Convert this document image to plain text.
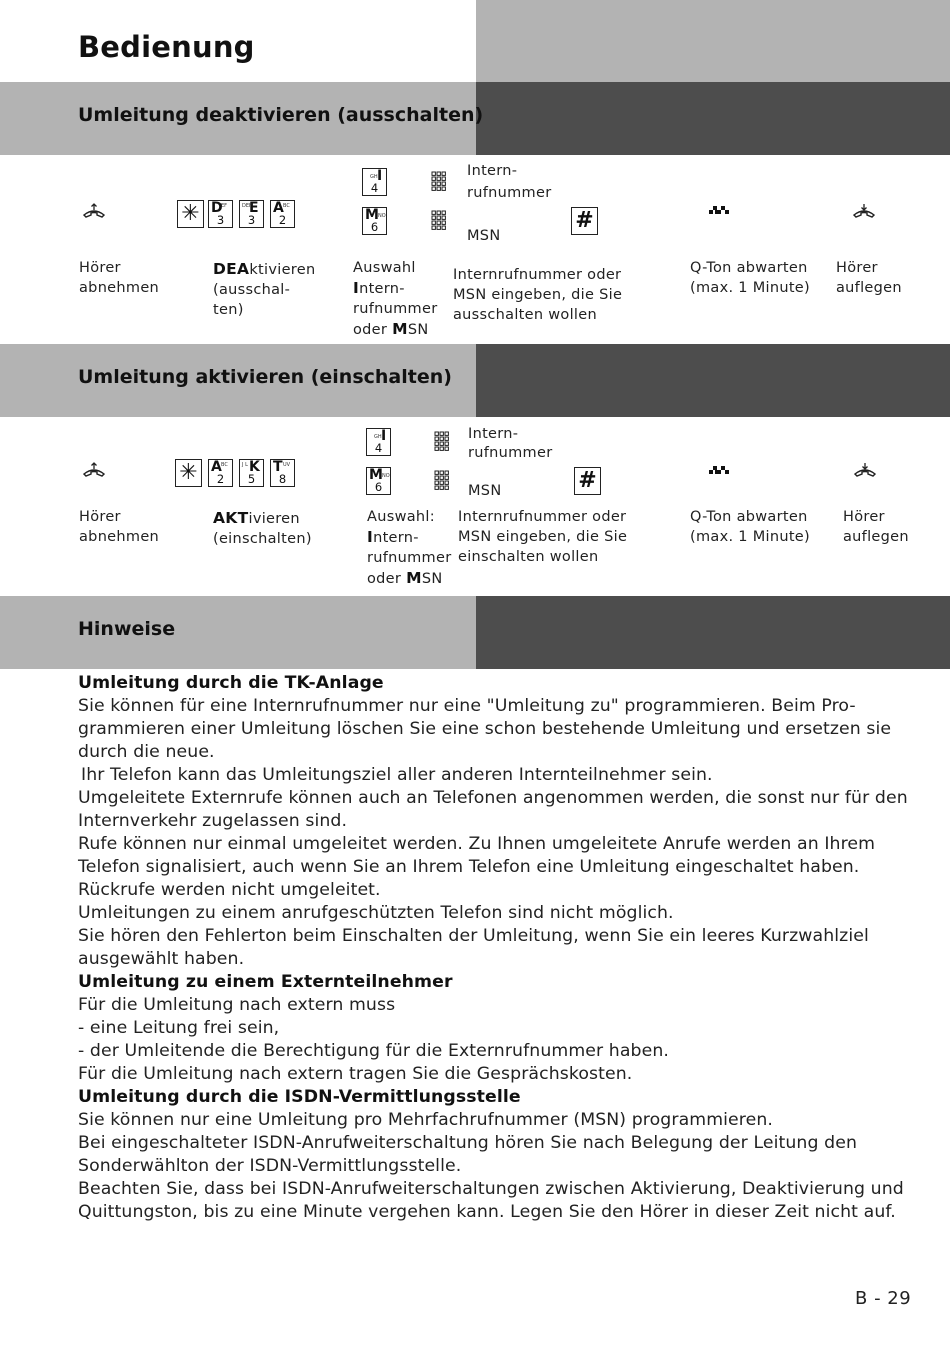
Bedienung
Umleitung deaktivieren (ausschalten)
✳ D
EF
3
E
DEF
3
A BC
2
I
GH
4
M NO
6
Intern-
rufnummer
MSN
#
Hörer
abnehmen
DEAktivieren
(ausschal-
ten)
Auswahl
Intern-
rufnummer
oder MSN
Internrufnummer oder
MSN eingeben, die Sie
ausschalten wollen
Q-Ton abwarten
(max. 1 Minute)
Hörer
auflegen
Umleitung aktivieren (einschalten)
✳ A BC
2
K
J L
5
T UV
8
I
GH
4
M NO
6
Intern-
rufnummer
MSN	#
Hörer
abnehmen
AKTivieren
(einschalten)
Auswahl:
Intern-
rufnummer
oder MSN
Internrufnummer oder
MSN eingeben, die Sie
einschalten wollen
Q-Ton abwarten
(max. 1 Minute)
Hörer
auflegen
Hinweise

Umleitung durch die TK-Anlage

Sie können für eine Internrufnummer nur eine "Umleitung zu" programmieren. Beim Pro-grammieren einer Umleitung löschen Sie eine schon bestehende Umleitung und ersetzen sie durch die neue.

Ihr Telefon kann das Umleitungsziel aller anderen Internteilnehmer sein.

Umgeleitete Externrufe können auch an Telefonen angenommen werden, die sonst nur für den Internverkehr zugelassen sind.

Rufe können nur einmal umgeleitet werden. Zu Ihnen umgeleitete Anrufe werden an Ihrem Telefon signalisiert, auch wenn Sie an Ihrem Telefon eine Umleitung eingeschaltet haben.

Rückrufe werden nicht umgeleitet.

Umleitungen zu einem anrufgeschützten Telefon sind nicht möglich.

Sie hören den Fehlerton beim Einschalten der Umleitung, wenn Sie ein leeres Kurzwahlziel ausgewählt haben.

Umleitung zu einem Externteilnehmer

Für die Umleitung nach extern muss

- eine Leitung frei sein,

- der Umleitende die Berechtigung für die Externrufnummer haben.

Für die Umleitung nach extern tragen Sie die Gesprächskosten.

Umleitung durch die ISDN-Vermittlungsstelle

Sie können nur eine Umleitung pro Mehrfachrufnummer (MSN) programmieren.

Bei eingeschalteter ISDN-Anrufweiterschaltung hören Sie nach Belegung der Leitung den Sonderwählton der ISDN-Vermittlungsstelle.

Beachten Sie, dass bei ISDN-Anrufweiterschaltungen zwischen Aktivierung, Deaktivierung und Quittungston, bis zu eine Minute vergehen kann. Legen Sie den Hörer in dieser Zeit nicht auf.

B - 29
